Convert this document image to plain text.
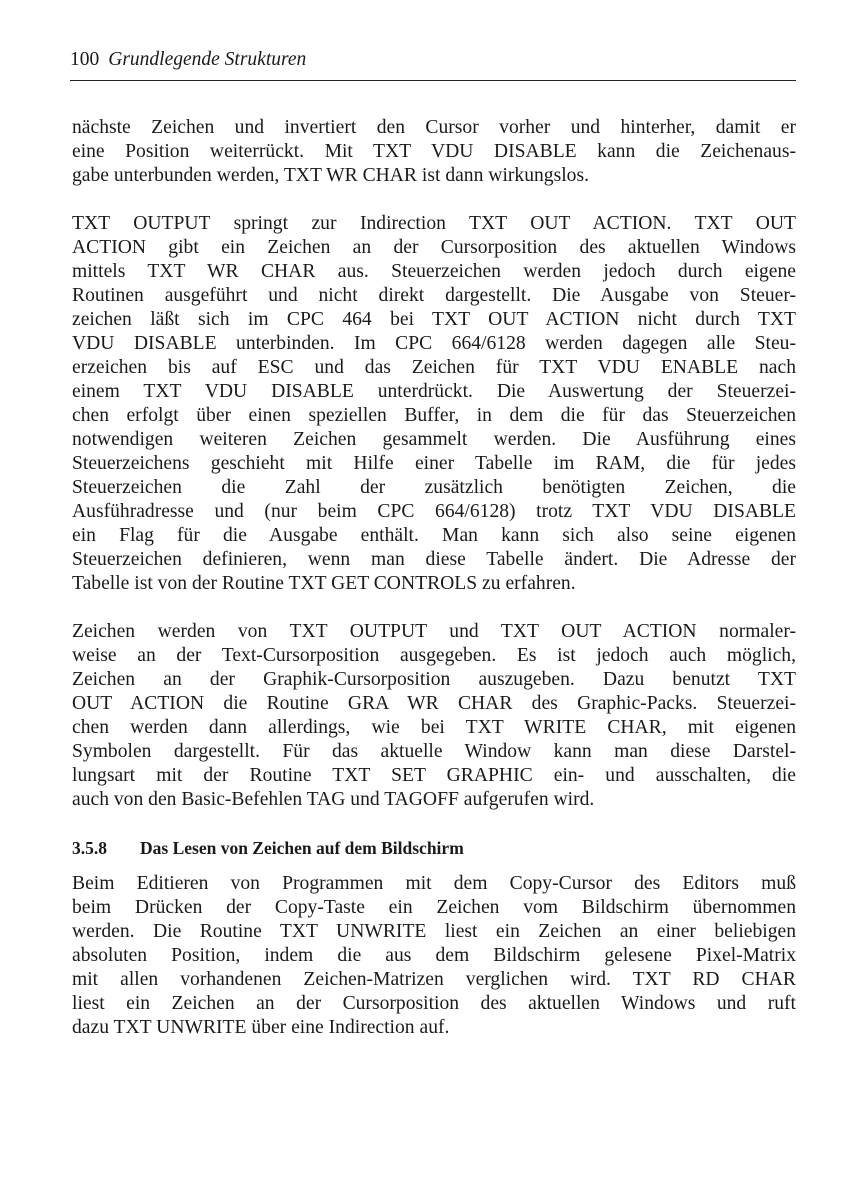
100 Grundlegende Strukturen

nächste Zeichen und invertiert den Cursor vorher und hinterher, damit er
eine Position weiterrückt. Mit TXT VDU DISABLE kann die Zeichenaus-
gabe unterbunden werden, TXT WR CHAR ist dann wirkungslos.

TXT OUTPUT springt zur Indirection TXT OUT ACTION. TXT OUT
ACTION gibt ein Zeichen an der Cursorposition des aktuellen Windows
mittels TXT WR CHAR aus. Steuerzeichen werden jedoch durch eigene
Routinen ausgeführt und nicht direkt dargestellt. Die Ausgabe von Steuer-
zeichen läßt sich im CPC 464 bei TXT OUT ACTION nicht durch TXT
VDU DISABLE unterbinden. Im CPC 664/6128 werden dagegen alle Steu-
erzeichen bis auf ESC und das Zeichen für TXT VDU ENABLE nach
einem TXT VDU DISABLE unterdrückt. Die Auswertung der Steuerzei-
chen erfolgt über einen speziellen Buffer, in dem die für das Steuerzeichen
notwendigen weiteren Zeichen gesammelt werden. Die Ausführung eines
Steuerzeichens geschieht mit Hilfe einer Tabelle im RAM, die für jedes
Steuerzeichen die Zahl der zusätzlich benötigten Zeichen, die
Ausführadresse und (nur beim CPC 664/6128) trotz TXT VDU DISABLE
ein Flag für die Ausgabe enthält. Man kann sich also seine eigenen
Steuerzeichen definieren, wenn man diese Tabelle ändert. Die Adresse der
Tabelle ist von der Routine TXT GET CONTROLS zu erfahren.

Zeichen werden von TXT OUTPUT und TXT OUT ACTION normaler-
weise an der Text-Cursorposition ausgegeben. Es ist jedoch auch möglich,
Zeichen an der Graphik-Cursorposition auszugeben. Dazu benutzt TXT
OUT ACTION die Routine GRA WR CHAR des Graphic-Packs. Steuerzei-
chen werden dann allerdings, wie bei TXT WRITE CHAR, mit eigenen
Symbolen dargestellt. Für das aktuelle Window kann man diese Darstel-
lungsart mit der Routine TXT SET GRAPHIC ein- und ausschalten, die
auch von den Basic-Befehlen TAG und TAGOFF aufgerufen wird.

3.5.8 Das Lesen von Zeichen auf dem Bildschirm

Beim Editieren von Programmen mit dem Copy-Cursor des Editors muß
beim Drücken der Copy-Taste ein Zeichen vom Bildschirm übernommen
werden. Die Routine TXT UNWRITE liest ein Zeichen an einer beliebigen
absoluten Position, indem die aus dem Bildschirm gelesene Pixel-Matrix
mit allen vorhandenen Zeichen-Matrizen verglichen wird. TXT RD CHAR
liest ein Zeichen an der Cursorposition des aktuellen Windows und ruft
dazu TXT UNWRITE über eine Indirection auf.
